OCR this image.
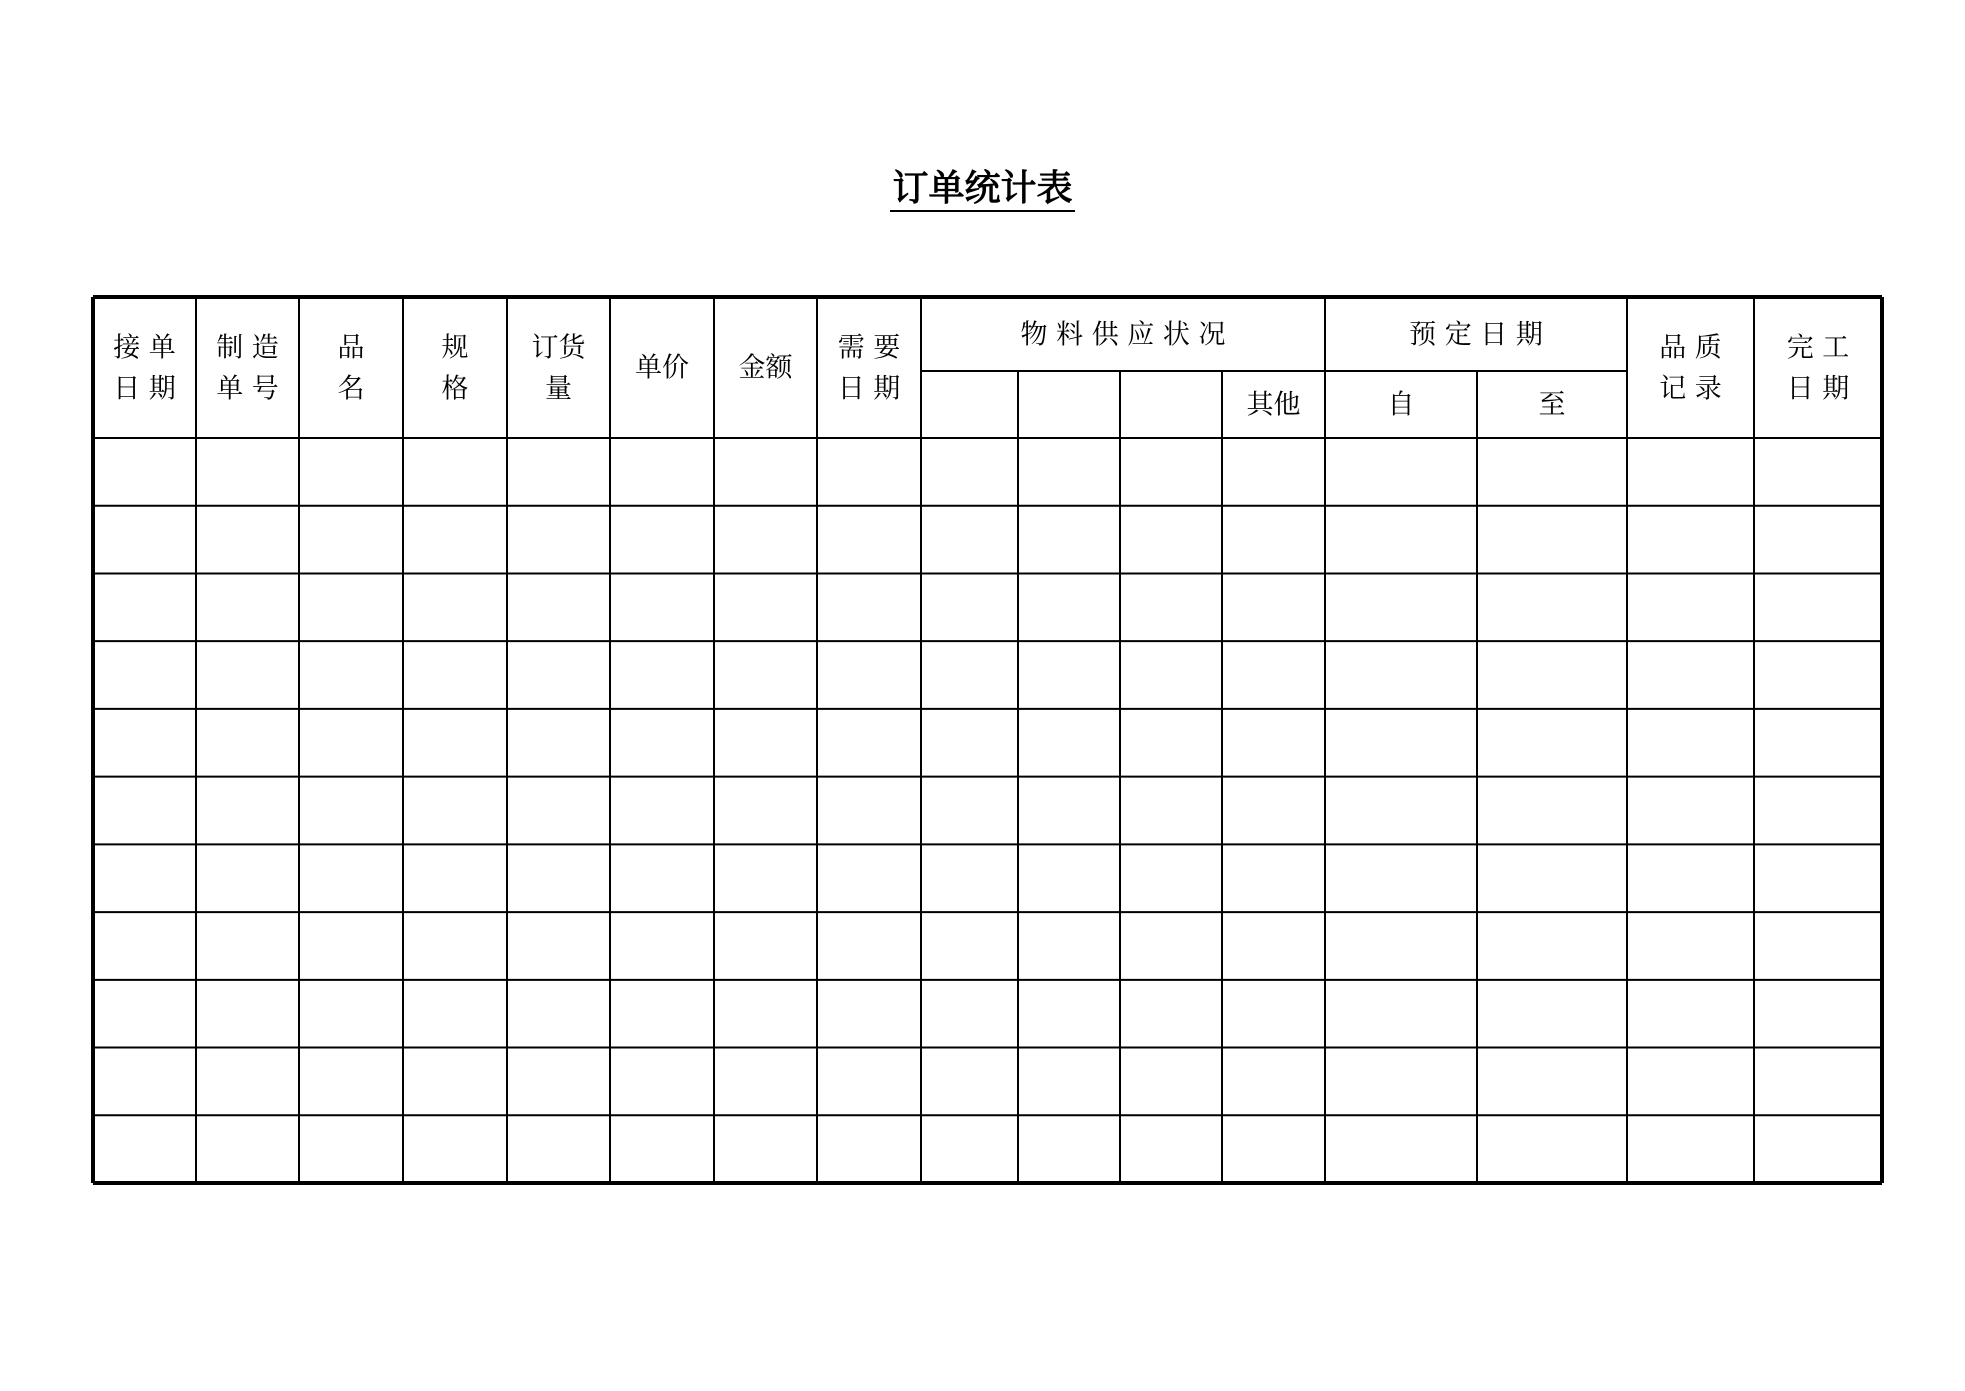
订单统计表
接 单
日 期
制 造
单 号
品
名
规
格
订货
量
单价 金额
需 要
日 期
物 料 供 应 状 况
其他
预 定 日 期
自	至
品 质
记 录
完 工
日 期
